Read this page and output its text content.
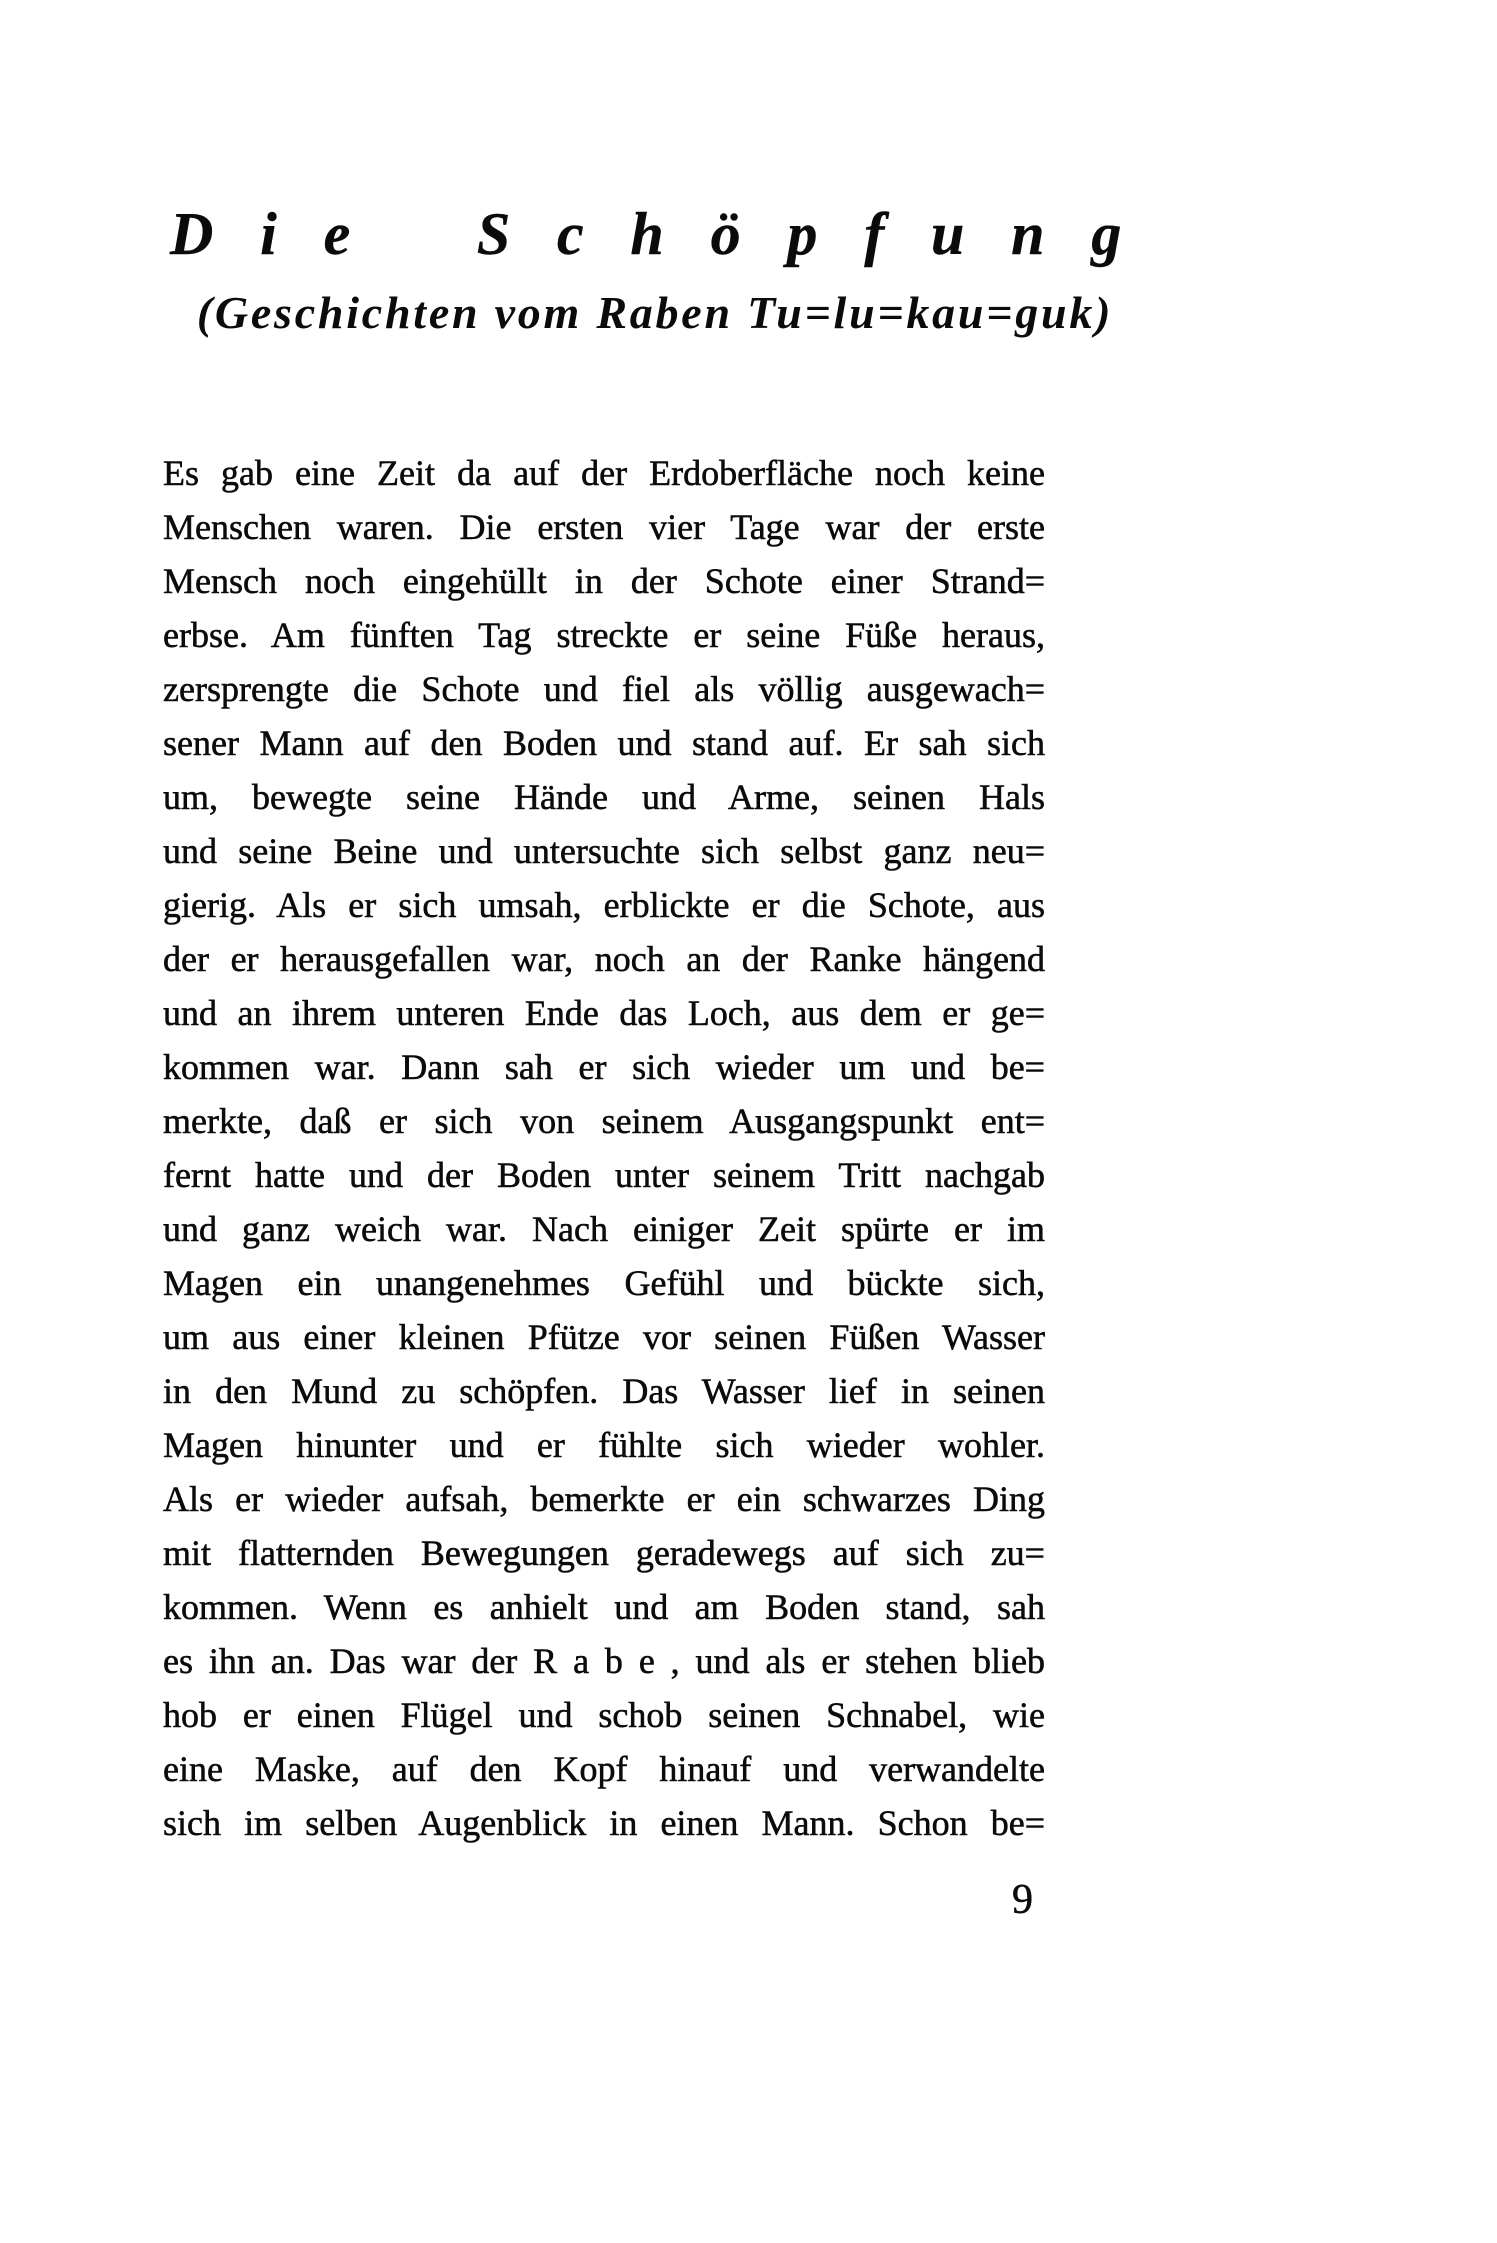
Die Schöpfung
(Geschichten vom Raben Tu=lu=kau=guk)
Es gab eine Zeit da auf der Erdoberfläche noch keine
Menschen waren. Die ersten vier Tage war der erste
Mensch noch eingehüllt in der Schote einer Strand=
erbse. Am fünften Tag streckte er seine Füße heraus,
zersprengte die Schote und fiel als völlig ausgewach=
sener Mann auf den Boden und stand auf. Er sah sich
um, bewegte seine Hände und Arme, seinen Hals
und seine Beine und untersuchte sich selbst ganz neu=
gierig. Als er sich umsah, erblickte er die Schote, aus
der er herausgefallen war, noch an der Ranke hängend
und an ihrem unteren Ende das Loch, aus dem er ge=
kommen war. Dann sah er sich wieder um und be=
merkte, daß er sich von seinem Ausgangspunkt ent=
fernt hatte und der Boden unter seinem Tritt nachgab
und ganz weich war. Nach einiger Zeit spürte er im
Magen ein unangenehmes Gefühl und bückte sich,
um aus einer kleinen Pfütze vor seinen Füßen Wasser
in den Mund zu schöpfen. Das Wasser lief in seinen
Magen hinunter und er fühlte sich wieder wohler.
Als er wieder aufsah, bemerkte er ein schwarzes Ding
mit flatternden Bewegungen geradewegs auf sich zu=
kommen. Wenn es anhielt und am Boden stand, sah
es ihn an. Das war der R a b e , und als er stehen blieb
hob er einen Flügel und schob seinen Schnabel, wie
eine Maske, auf den Kopf hinauf und verwandelte
sich im selben Augenblick in einen Mann. Schon be=
9
